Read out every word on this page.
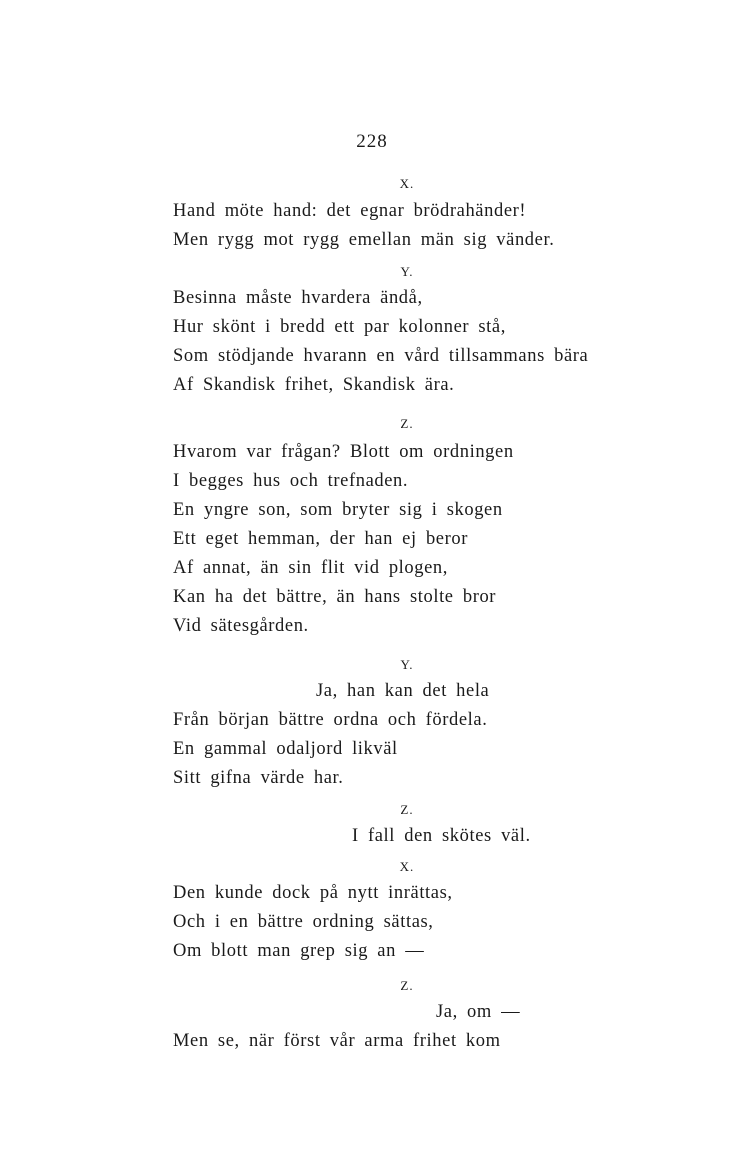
228
X.
Hand möte hand: det egnar brödrahänder!
Men rygg mot rygg emellan män sig vänder.
Y.
Besinna måste hvardera ändå,
Hur skönt i bredd ett par kolonner stå,
Som stödjande hvarann en vård tillsammans bära
Af Skandisk frihet, Skandisk ära.
Z.
Hvarom var frågan? Blott om ordningen
I begges hus och trefnaden.
En yngre son, som bryter sig i skogen
Ett eget hemman, der han ej beror
Af annat, än sin flit vid plogen,
Kan ha det bättre, än hans stolte bror
Vid sätesgården.
Y.
Ja, han kan det hela
Från början bättre ordna och fördela.
En gammal odaljord likväl
Sitt gifna värde har.
Z.
I fall den skötes väl.
X.
Den kunde dock på nytt inrättas,
Och i en bättre ordning sättas,
Om blott man grep sig an —
Z.
Ja, om —
Men se, när först vår arma frihet kom
